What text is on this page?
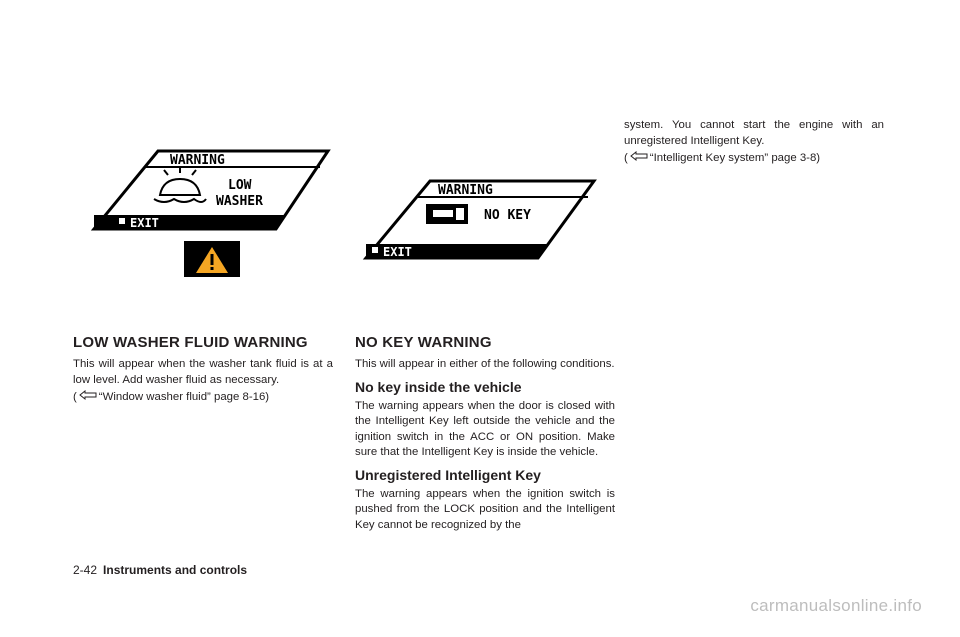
WARNING
LOW
WASHER
EXIT
WARNING
NO KEY
EXIT
LOW WASHER FLUID WARNING

This will appear when the washer tank fluid is at a low level. Add washer fluid as necessary.

( “Window washer fluid” page 8-16)

NO KEY WARNING

This will appear in either of the following conditions.

No key inside the vehicle

The warning appears when the door is closed with the Intelligent Key left outside the vehicle and the ignition switch in the ACC or ON position. Make sure that the Intelligent Key is inside the vehicle.

Unregistered Intelligent Key

The warning appears when the ignition switch is pushed from the LOCK position and the Intelligent Key cannot be recognized by the

system. You cannot start the engine with an unregistered Intelligent Key.

( “Intelligent Key system” page 3-8)

2-42 Instruments and controls
carmanualsonline.info
